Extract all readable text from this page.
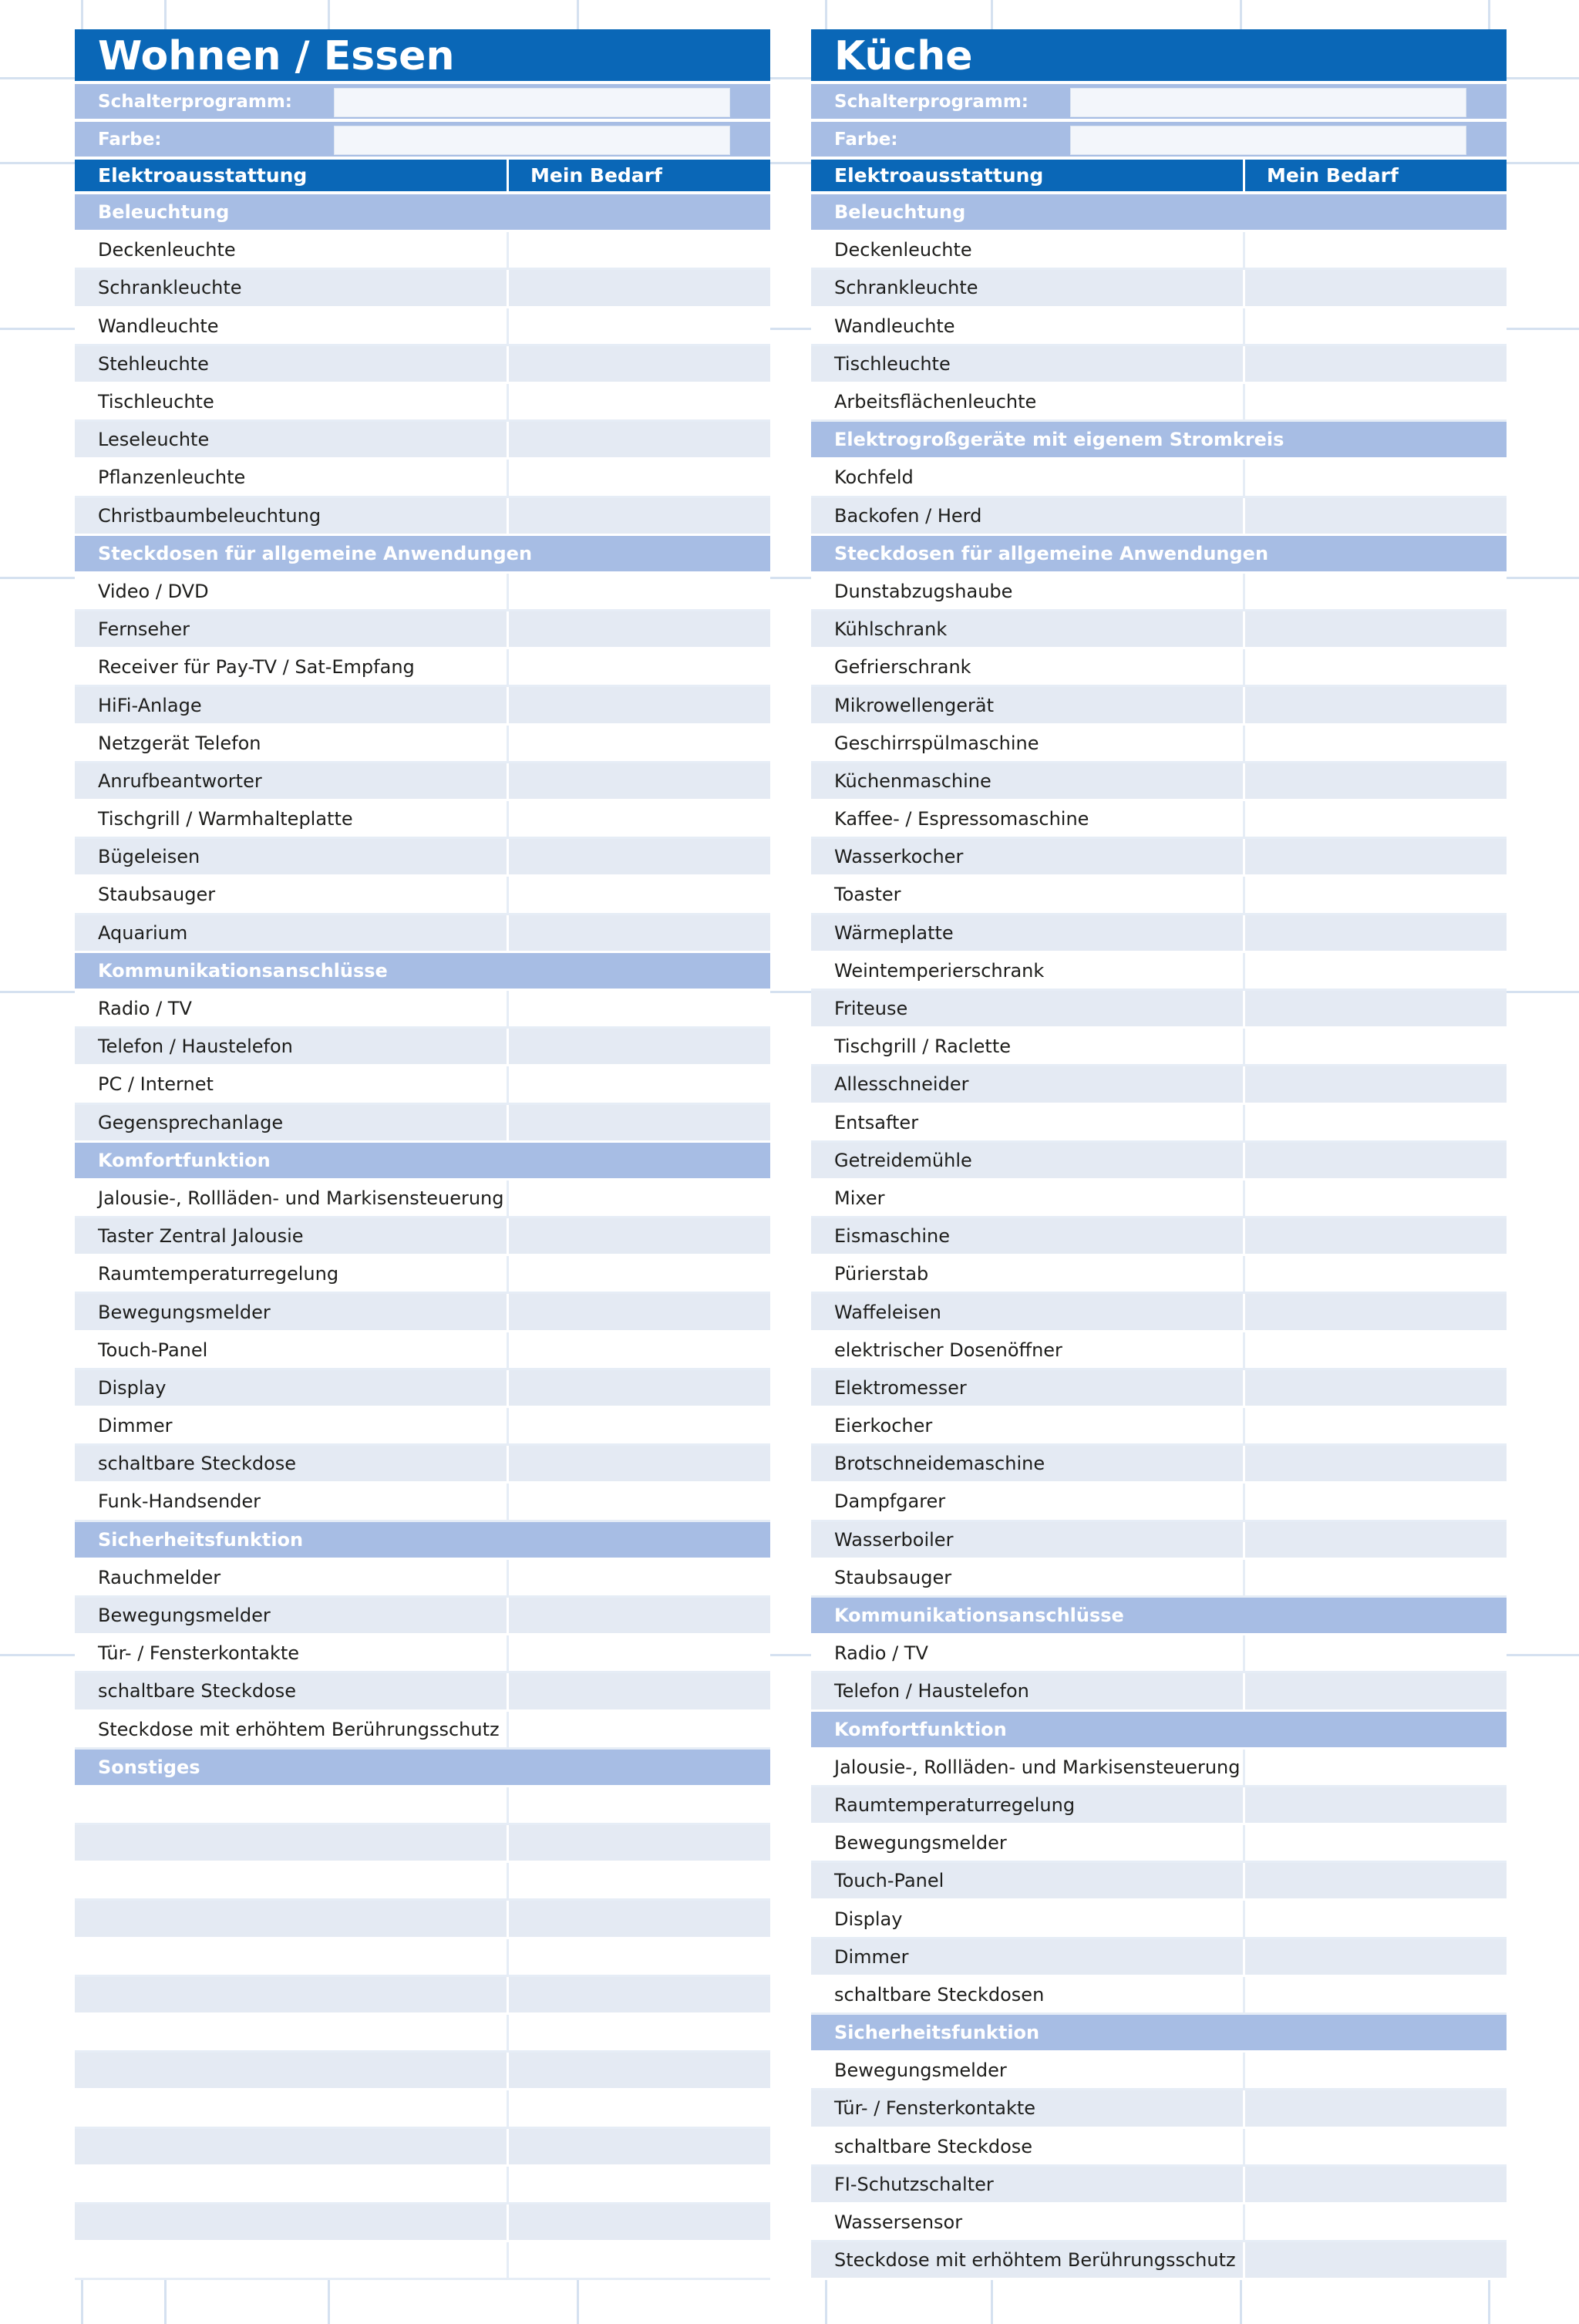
Wohnen / Essen
Schalterprogramm:
Farbe:
Elektroausstattung	Mein Bedarf
Beleuchtung
Deckenleuchte
Schrankleuchte
Wandleuchte
Stehleuchte
Tischleuchte
Leseleuchte
Pflanzenleuchte
Christbaumbeleuchtung
Steckdosen für allgemeine Anwendungen
Video / DVD
Fernseher
Receiver für Pay-TV / Sat-Empfang
HiFi-Anlage
Netzgerät Telefon
Anrufbeantworter
Tischgrill / Warmhalteplatte
Bügeleisen
Staubsauger
Aquarium
Kommunikationsanschlüsse
Radio / TV
Telefon / Haustelefon
PC / Internet
Gegensprechanlage
Komfortfunktion
Jalousie-, Rollläden- und Markisensteuerung
Taster Zentral Jalousie
Raumtemperaturregelung
Bewegungsmelder
Touch-Panel
Display
Dimmer
schaltbare Steckdose
Funk-Handsender
Sicherheitsfunktion
Rauchmelder
Bewegungsmelder
Tür- / Fensterkontakte
schaltbare Steckdose
Steckdose mit erhöhtem Berührungsschutz
Sonstiges
Küche
Schalterprogramm:
Farbe:
Elektroausstattung	Mein Bedarf
Beleuchtung
Deckenleuchte
Schrankleuchte
Wandleuchte
Tischleuchte
Arbeitsflächenleuchte
Elektrogroßgeräte mit eigenem Stromkreis
Kochfeld
Backofen / Herd
Steckdosen für allgemeine Anwendungen
Dunstabzugshaube
Kühlschrank
Gefrierschrank
Mikrowellengerät
Geschirrspülmaschine
Küchenmaschine
Kaffee- / Espressomaschine
Wasserkocher
Toaster
Wärmeplatte
Weintemperierschrank
Friteuse
Tischgrill / Raclette
Allesschneider
Entsafter
Getreidemühle
Mixer
Eismaschine
Pürierstab
Waffeleisen
elektrischer Dosenöffner
Elektromesser
Eierkocher
Brotschneidemaschine
Dampfgarer
Wasserboiler
Staubsauger
Kommunikationsanschlüsse
Radio / TV
Telefon / Haustelefon
Komfortfunktion
Jalousie-, Rollläden- und Markisensteuerung
Raumtemperaturregelung
Bewegungsmelder
Touch-Panel
Display
Dimmer
schaltbare Steckdosen
Sicherheitsfunktion
Bewegungsmelder
Tür- / Fensterkontakte
schaltbare Steckdose
FI-Schutzschalter
Wassersensor
Steckdose mit erhöhtem Berührungsschutz
